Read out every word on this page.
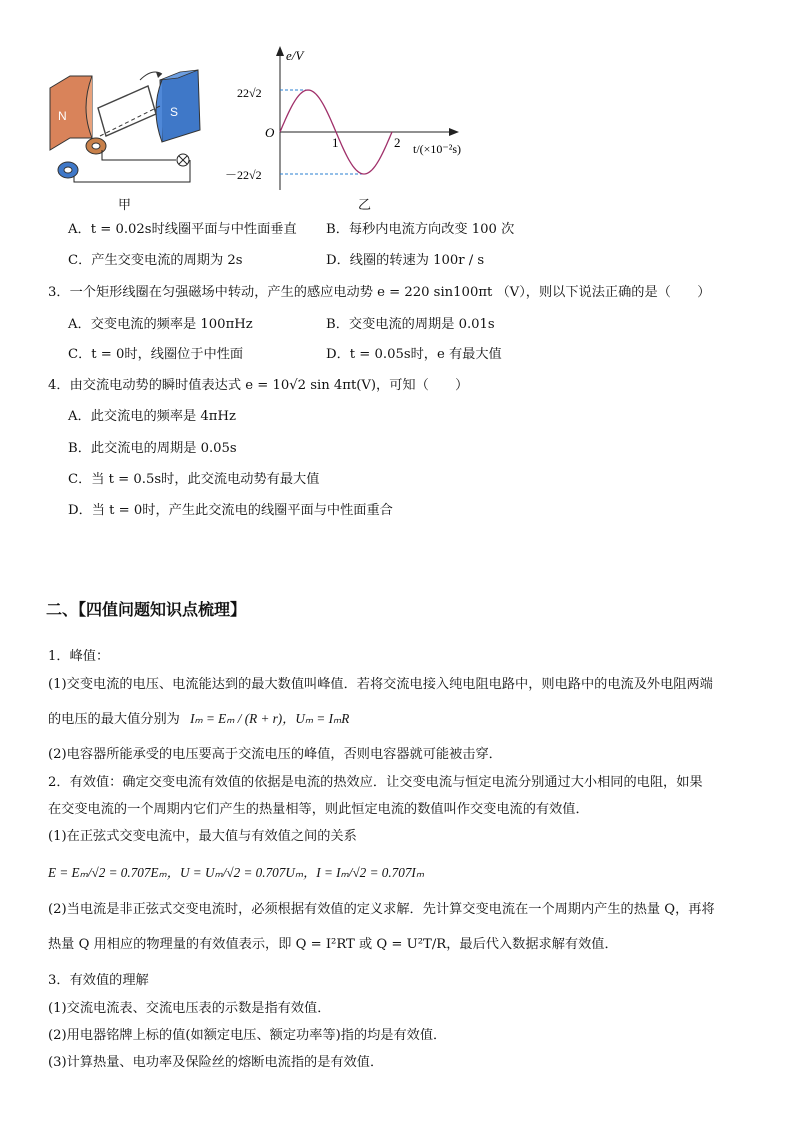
N	S
甲
e/V
t/(×10⁻²s)
O
22√2
－22√2
1	2
乙
A．t = 0.02s时线圈平面与中性面垂直 B．每秒内电流方向改变 100 次
C．产生交变电流的周期为 2s	D．线圈的转速为 100r / s
3．一个矩形线圈在匀强磁场中转动，产生的感应电动势 e = 220 sin100πt （V），则以下说法正确的是（　　）
A．交变电流的频率是 100πHz	B．交变电流的周期是 0.01s
C．t = 0时，线圈位于中性面	D．t = 0.05s时，e 有最大值
4．由交流电动势的瞬时值表达式 e = 10√2 sin 4πt(V)，可知（　　）
A．此交流电的频率是 4πHz
B．此交流电的周期是 0.05s
C．当 t = 0.5s时，此交流电动势有最大值
D．当 t = 0时，产生此交流电的线圈平面与中性面重合
二、【四值问题知识点梳理】
1．峰值：
(1)交变电流的电压、电流能达到的最大数值叫峰值．若将交流电接入纯电阻电路中，则电路中的电流及外电阻两端
的电压的最大值分别为 Iₘ = Eₘ / (R + r)，Uₘ = IₘR
(2)电容器所能承受的电压要高于交流电压的峰值，否则电容器就可能被击穿．
2．有效值：确定交变电流有效值的依据是电流的热效应．让交变电流与恒定电流分别通过大小相同的电阻，如果
在交变电流的一个周期内它们产生的热量相等，则此恒定电流的数值叫作交变电流的有效值．
(1)在正弦式交变电流中，最大值与有效值之间的关系
E = Eₘ/√2 = 0.707Eₘ，U = Uₘ/√2 = 0.707Uₘ，I = Iₘ/√2 = 0.707Iₘ
(2)当电流是非正弦式交变电流时，必须根据有效值的定义求解．先计算交变电流在一个周期内产生的热量 Q，再将
热量 Q 用相应的物理量的有效值表示，即 Q = I²RT 或 Q = U²T/R，最后代入数据求解有效值．
3．有效值的理解
(1)交流电流表、交流电压表的示数是指有效值．
(2)用电器铭牌上标的值(如额定电压、额定功率等)指的均是有效值．
(3)计算热量、电功率及保险丝的熔断电流指的是有效值．
